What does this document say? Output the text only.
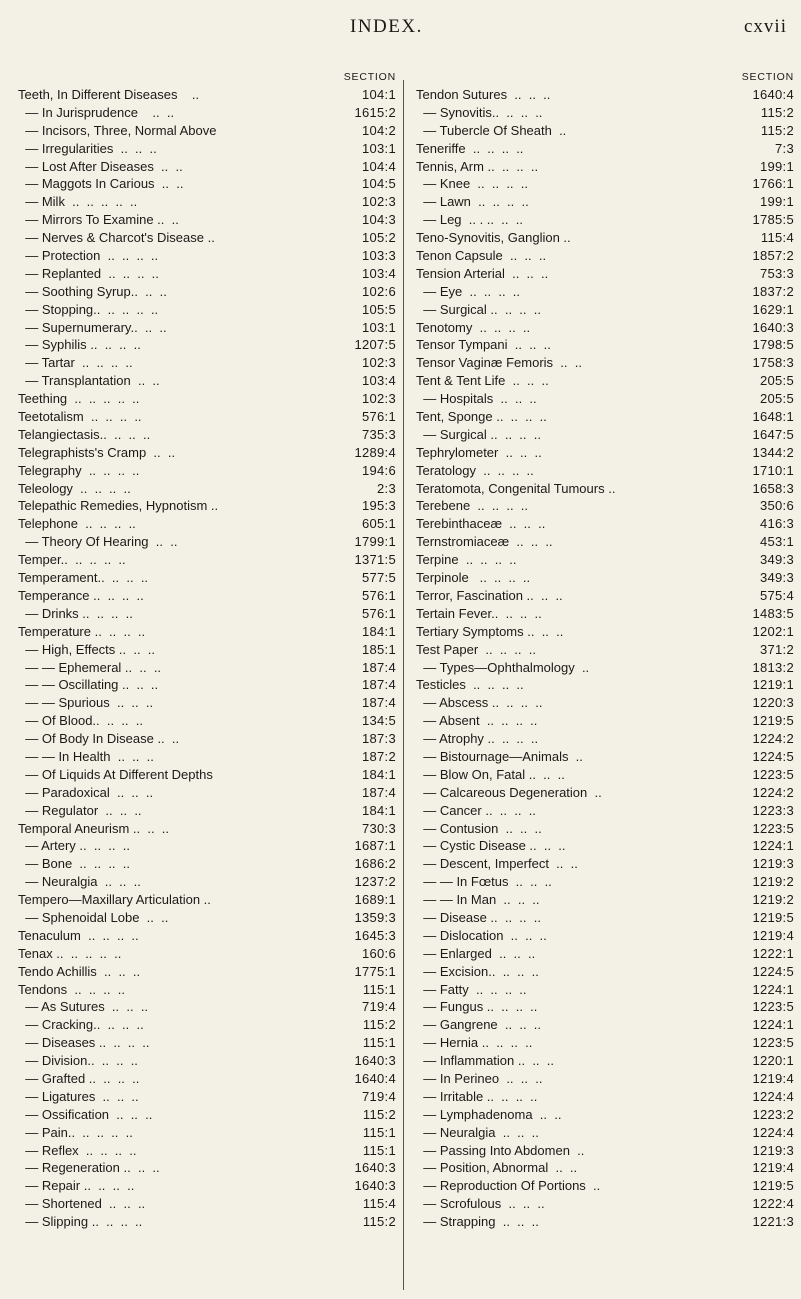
INDEX.	cxvii
SECTION
Teeth, In Different Diseases    ..	104:1
— In Jurisprudence    ..  ..	1615:2
— Incisors, Three, Normal Above	104:2
— Irregularities  ..  ..  ..	103:1
— Lost After Diseases  ..  ..	104:4
— Maggots In Carious  ..  ..	104:5
— Milk  ..  ..  ..  ..  ..	102:3
— Mirrors To Examine ..  ..	104:3
— Nerves & Charcot's Disease ..	105:2
— Protection  ..  ..  ..  ..	103:3
— Replanted  ..  ..  ..  ..	103:4
— Soothing Syrup..  ..  ..	102:6
— Stopping..  ..  ..  ..  ..	105:5
— Supernumerary..  ..  ..	103:1
— Syphilis ..  ..  ..  ..	1207:5
— Tartar  ..  ..  ..  ..	102:3
— Transplantation  ..  ..	103:4
Teething  ..  ..  ..  ..  ..	102:3
Teetotalism  ..  ..  ..  ..	576:1
Telangiectasis..  ..  ..  ..	735:3
Telegraphists's Cramp  ..  ..	1289:4
Telegraphy  ..  ..  ..  ..	194:6
Teleology  ..  ..  ..  ..	2:3
Telepathic Remedies, Hypnotism ..	195:3
Telephone  ..  ..  ..  ..	605:1
— Theory Of Hearing  ..  ..	1799:1
Temper..  ..  ..  ..  ..	1371:5
Temperament..  ..  ..  ..	577:5
Temperance ..  ..  ..  ..	576:1
— Drinks ..  ..  ..  ..	576:1
Temperature ..  ..  ..  ..	184:1
— High, Effects ..  ..  ..	185:1
— — Ephemeral ..  ..  ..	187:4
— — Oscillating ..  ..  ..	187:4
— — Spurious  ..  ..  ..	187:4
— Of Blood..  ..  ..  ..	134:5
— Of Body In Disease ..  ..	187:3
— — In Health  ..  ..  ..	187:2
— Of Liquids At Different Depths	184:1
— Paradoxical  ..  ..  ..	187:4
— Regulator  ..  ..  ..	184:1
Temporal Aneurism ..  ..  ..	730:3
— Artery ..  ..  ..  ..	1687:1
— Bone  ..  ..  ..  ..	1686:2
— Neuralgia  ..  ..  ..	1237:2
Tempero—Maxillary Articulation ..	1689:1
— Sphenoidal Lobe  ..  ..	1359:3
Tenaculum  ..  ..  ..  ..	1645:3
Tenax ..  ..  ..  ..  ..	160:6
Tendo Achillis  ..  ..  ..	1775:1
Tendons  ..  ..  ..  ..	115:1
— As Sutures  ..  ..  ..	719:4
— Cracking..  ..  ..  ..	115:2
— Diseases ..  ..  ..  ..	115:1
— Division..  ..  ..  ..	1640:3
— Grafted ..  ..  ..  ..	1640:4
— Ligatures  ..  ..  ..	719:4
— Ossification  ..  ..  ..	115:2
— Pain..  ..  ..  ..  ..	115:1
— Reflex  ..  ..  ..  ..	115:1
— Regeneration ..  ..  ..	1640:3
— Repair ..  ..  ..  ..	1640:3
— Shortened  ..  ..  ..	115:4
— Slipping ..  ..  ..  ..	115:2
SECTION
Tendon Sutures  ..  ..  ..	1640:4
— Synovitis..  ..  ..  ..	115:2
— Tubercle Of Sheath  ..	115:2
Teneriffe  ..  ..  ..  ..	7:3
Tennis, Arm ..  ..  ..  ..	199:1
— Knee  ..  ..  ..  ..	1766:1
— Lawn  ..  ..  ..  ..	199:1
— Leg  .. . ..  ..  ..	1785:5
Teno-Synovitis, Ganglion ..	115:4
Tenon Capsule  ..  ..  ..	1857:2
Tension Arterial  ..  ..  ..	753:3
— Eye  ..  ..  ..  ..	1837:2
— Surgical ..  ..  ..  ..	1629:1
Tenotomy  ..  ..  ..  ..	1640:3
Tensor Tympani  ..  ..  ..	1798:5
Tensor Vaginæ Femoris  ..  ..	1758:3
Tent & Tent Life  ..  ..  ..	205:5
— Hospitals  ..  ..  ..	205:5
Tent, Sponge ..  ..  ..  ..	1648:1
— Surgical ..  ..  ..  ..	1647:5
Tephrylometer  ..  ..  ..	1344:2
Teratology  ..  ..  ..  ..	1710:1
Teratomota, Congenital Tumours ..	1658:3
Terebene  ..  ..  ..  ..	350:6
Terebinthaceæ  ..  ..  ..	416:3
Ternstromiaceæ  ..  ..  ..	453:1
Terpine  ..  ..  ..  ..	349:3
Terpinole   ..  ..  ..  ..	349:3
Terror, Fascination ..  ..  ..	575:4
Tertain Fever..  ..  ..  ..	1483:5
Tertiary Symptoms ..  ..  ..	1202:1
Test Paper  ..  ..  ..  ..	371:2
— Types—Ophthalmology  ..	1813:2
Testicles  ..  ..  ..  ..	1219:1
— Abscess ..  ..  ..  ..	1220:3
— Absent  ..  ..  ..  ..	1219:5
— Atrophy ..  ..  ..  ..	1224:2
— Bistournage—Animals  ..	1224:5
— Blow On, Fatal ..  ..  ..	1223:5
— Calcareous Degeneration  ..	1224:2
— Cancer ..  ..  ..  ..	1223:3
— Contusion  ..  ..  ..	1223:5
— Cystic Disease ..  ..  ..	1224:1
— Descent, Imperfect  ..  ..	1219:3
— — In Fœtus  ..  ..  ..	1219:2
— — In Man  ..  ..  ..	1219:2
— Disease ..  ..  ..  ..	1219:5
— Dislocation  ..  ..  ..	1219:4
— Enlarged  ..  ..  ..	1222:1
— Excision..  ..  ..  ..	1224:5
— Fatty  ..  ..  ..  ..	1224:1
— Fungus ..  ..  ..  ..	1223:5
— Gangrene  ..  ..  ..	1224:1
— Hernia ..  ..  ..  ..	1223:5
— Inflammation ..  ..  ..	1220:1
— In Perineo  ..  ..  ..	1219:4
— Irritable ..  ..  ..  ..	1224:4
— Lymphadenoma  ..  ..	1223:2
— Neuralgia  ..  ..  ..	1224:4
— Passing Into Abdomen  ..	1219:3
— Position, Abnormal  ..  ..	1219:4
— Reproduction Of Portions  ..	1219:5
— Scrofulous  ..  ..  ..	1222:4
— Strapping  ..  ..  ..	1221:3
